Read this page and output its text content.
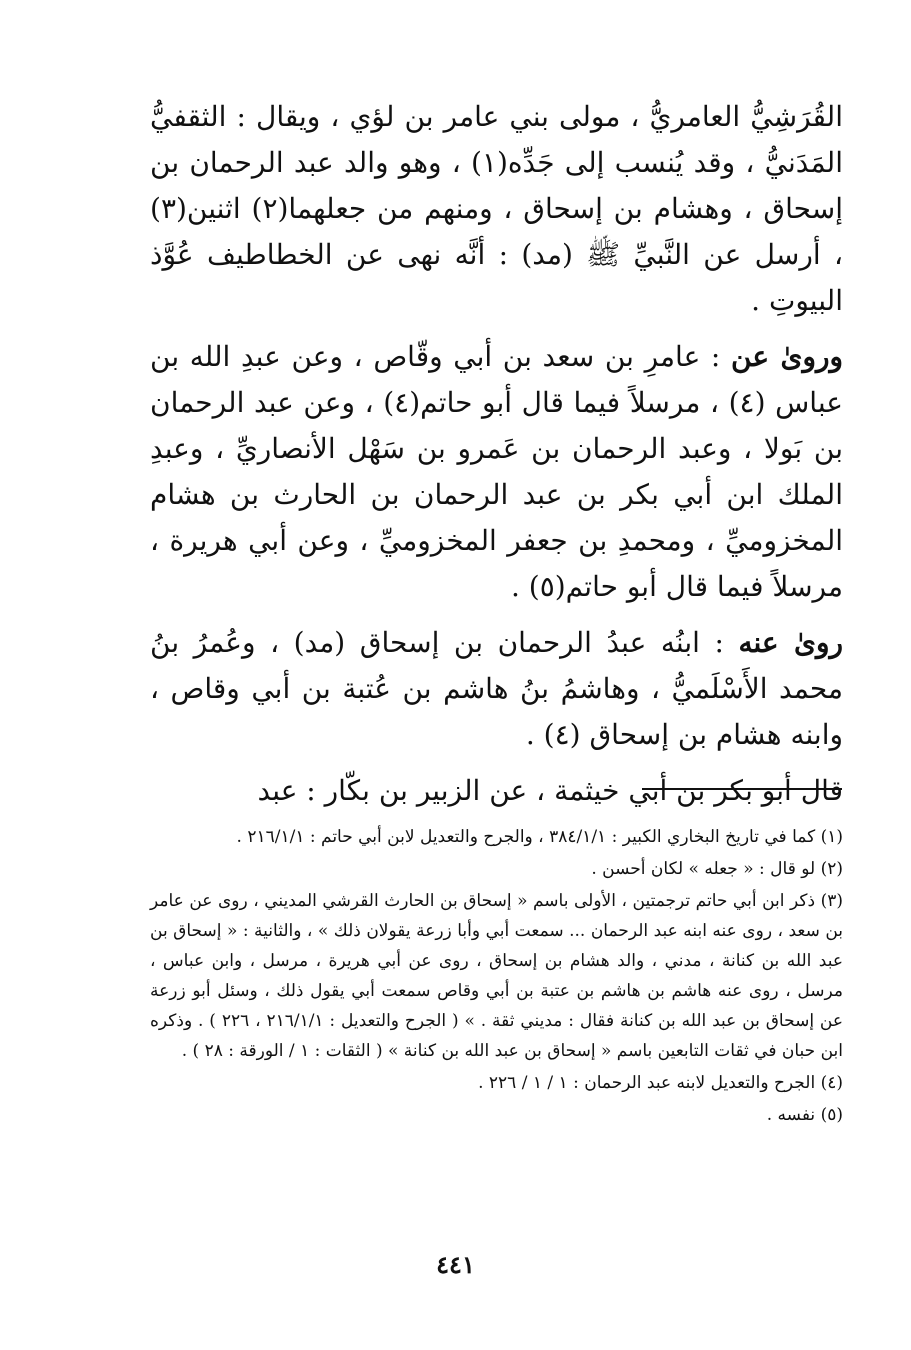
القُرَشِيُّ العامريُّ ، مولى بني عامر بن لؤي ، ويقال : الثقفيُّ المَدَنيُّ ، وقد يُنسب إلى جَدِّه(١) ، وهو والد عبد الرحمان بن إسحاق ، وهشام بن إسحاق ، ومنهم من جعلهما(٢) اثنين(٣) ، أرسل عن النَّبيِّ ﷺ (مد) : أنَّه نهى عن الخطاطيف عُوَّذ البيوتِ .

وروىٰ عن : عامرِ بن سعد بن أبي وقّاص ، وعن عبدِ الله بن عباس (٤) ، مرسلاً فيما قال أبو حاتم(٤) ، وعن عبد الرحمان بن بَولا ، وعبد الرحمان بن عَمرو بن سَهْل الأنصاريِّ ، وعبدِ الملك ابن أبي بكر بن عبد الرحمان بن الحارث بن هشام المخزوميِّ ، ومحمدِ بن جعفر المخزوميِّ ، وعن أبي هريرة ، مرسلاً فيما قال أبو حاتم(٥) .

روىٰ عنه : ابنُه عبدُ الرحمان بن إسحاق (مد) ، وعُمرُ بنُ محمد الأَسْلَميُّ ، وهاشمُ بنُ هاشم بن عُتبة بن أبي وقاص ، وابنه هشام بن إسحاق (٤) .

قال أبو بكر بن أبي خيثمة ، عن الزبير بن بكّار : عبد

(١) كما في تاريخ البخاري الكبير : ٣٨٤/١/١ ، والجرح والتعديل لابن أبي حاتم : ٢١٦/١/١ .

(٢) لو قال : « جعله » لكان أحسن .

(٣) ذكر ابن أبي حاتم ترجمتين ، الأولى باسم « إسحاق بن الحارث القرشي المديني ، روى عن عامر بن سعد ، روى عنه ابنه عبد الرحمان ... سمعت أبي وأبا زرعة يقولان ذلك » ، والثانية : « إسحاق بن عبد الله بن كنانة ، مدني ، والد هشام بن إسحاق ، روى عن أبي هريرة ، مرسل ، وابن عباس ، مرسل ، روى عنه هاشم بن هاشم بن عتبة بن أبي وقاص سمعت أبي يقول ذلك ، وسئل أبو زرعة عن إسحاق بن عبد الله بن كنانة فقال : مديني ثقة . » ( الجرح والتعديل : ٢١٦/١/١ ، ٢٢٦ ) . وذكره ابن حبان في ثقات التابعين باسم « إسحاق بن عبد الله بن كنانة » ( الثقات : ١ / الورقة : ٢٨ ) .

(٤) الجرح والتعديل لابنه عبد الرحمان : ١ / ١ / ٢٢٦ .

(٥) نفسه .

٤٤١
